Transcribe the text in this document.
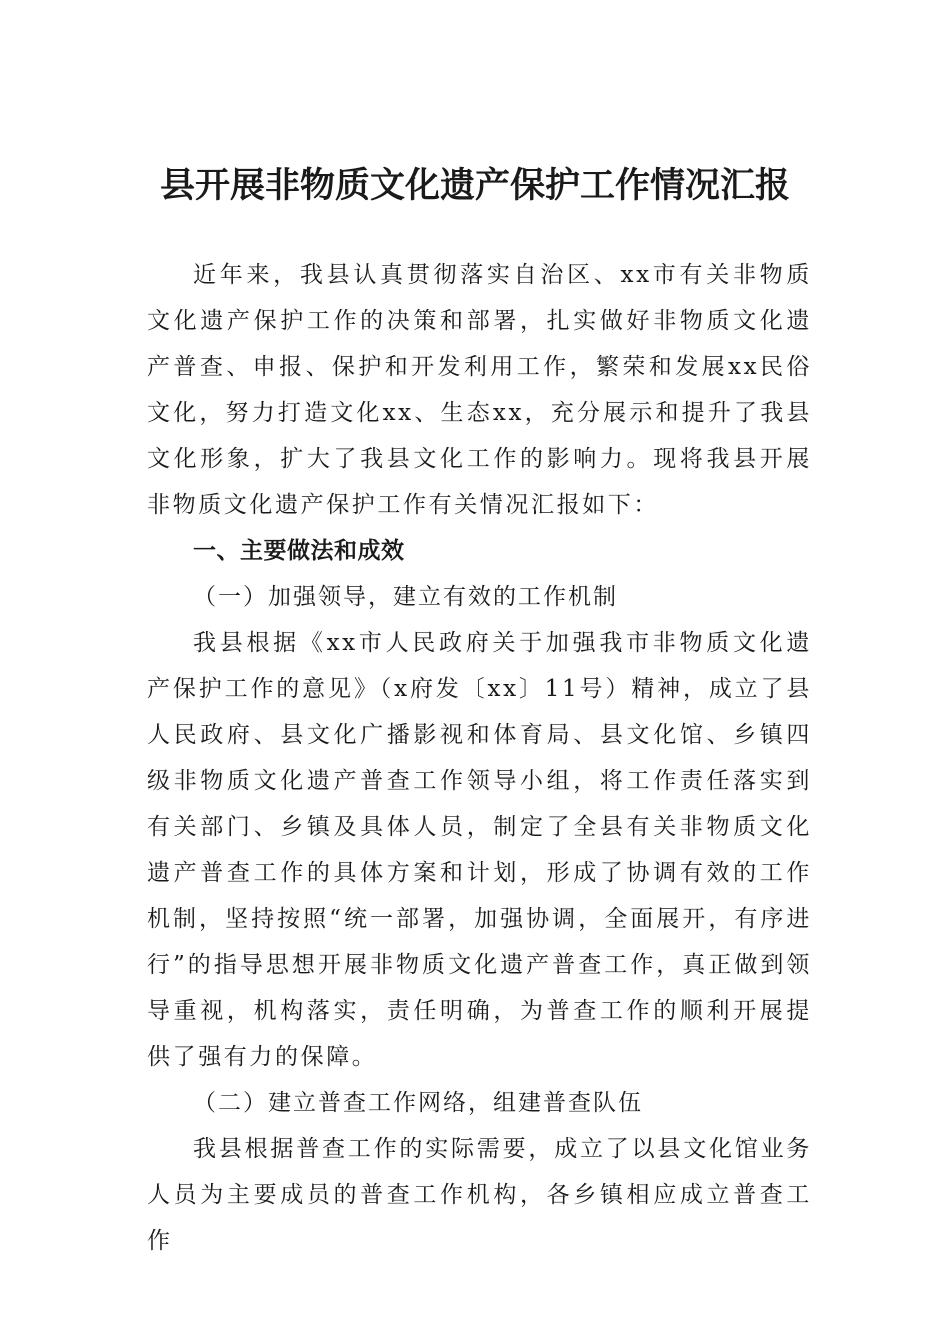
县开展非物质文化遗产保护工作情况汇报

近年来，我县认真贯彻落实自治区、xx市有关非物质文化遗产保护工作的决策和部署，扎实做好非物质文化遗产普查、申报、保护和开发利用工作，繁荣和发展xx民俗文化，努力打造文化xx、生态xx，充分展示和提升了我县文化形象，扩大了我县文化工作的影响力。现将我县开展非物质文化遗产保护工作有关情况汇报如下：

一、主要做法和成效

（一）加强领导，建立有效的工作机制

我县根据《xx市人民政府关于加强我市非物质文化遗产保护工作的意见》（x府发〔xx〕11号）精神，成立了县人民政府、县文化广播影视和体育局、县文化馆、乡镇四级非物质文化遗产普查工作领导小组，将工作责任落实到有关部门、乡镇及具体人员，制定了全县有关非物质文化遗产普查工作的具体方案和计划，形成了协调有效的工作机制，坚持按照“统一部署，加强协调，全面展开，有序进行”的指导思想开展非物质文化遗产普查工作，真正做到领导重视，机构落实，责任明确，为普查工作的顺利开展提供了强有力的保障。

（二）建立普查工作网络，组建普查队伍

我县根据普查工作的实际需要，成立了以县文化馆业务人员为主要成员的普查工作机构，各乡镇相应成立普查工作
